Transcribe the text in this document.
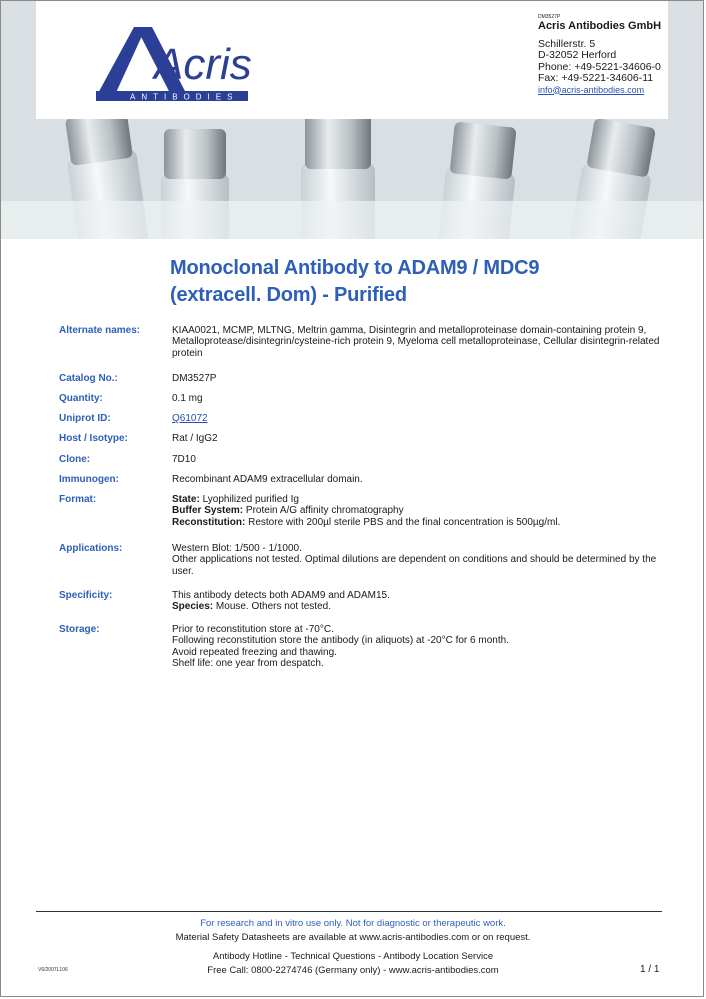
Acris
ANTIBODIES
DM3527P
Acris Antibodies GmbH
Schillerstr. 5
D-32052 Herford
Phone: +49-5221-34606-0
Fax: +49-5221-34606-11
info@acris-antibodies.com
Monoclonal Antibody to ADAM9 / MDC9
(extracell. Dom) - Purified
Alternate names:	KIAA0021, MCMP, MLTNG, Meltrin gamma, Disintegrin and metalloproteinase domain-containing protein 9, Metalloprotease/disintegrin/cysteine-rich protein 9, Myeloma cell metalloproteinase, Cellular disintegrin-related protein
Catalog No.:	DM3527P
Quantity:	0.1 mg
Uniprot ID:	Q61072
Host / Isotype:	Rat / IgG2
Clone:	7D10
Immunogen:	Recombinant ADAM9 extracellular domain.
Format:	State: Lyophilized purified Ig
Buffer System: Protein A/G affinity chromatography
Reconstitution: Restore with 200µl sterile PBS and the final concentration is 500µg/ml.
Applications:	Western Blot: 1/500 - 1/1000.
Other applications not tested. Optimal dilutions are dependent on conditions and should be determined by the user.
Specificity:	This antibody detects both ADAM9 and ADAM15.
Species: Mouse. Others not tested.
Storage:	Prior to reconstitution store at -70°C.
Following reconstitution store the antibody (in aliquots) at -20°C for 6 month.
Avoid repeated freezing and thawing.
Shelf life: one year from despatch.
For research and in vitro use only. Not for diagnostic or therapeutic work.
Material Safety Datasheets are available at www.acris-antibodies.com or on request.
Antibody Hotline - Technical Questions - Antibody Location Service
Free Call: 0800-2274746 (Germany only) - www.acris-antibodies.com
V6/2007L106	1 / 1
